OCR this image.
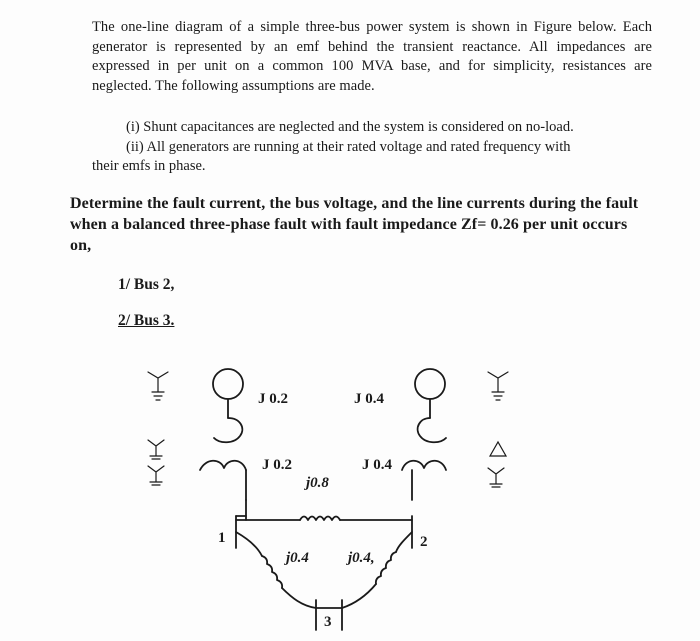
The one-line diagram of a simple three-bus power system is shown in Figure below. Each generator is represented by an emf behind the transient reactance. All impedances are expressed in per unit on a common 100 MVA base, and for simplicity, resistances are neglected. The following assumptions are made.
(i) Shunt capacitances are neglected and the system is considered on no-load.
(ii) All generators are running at their rated voltage and rated frequency with
their emfs in phase.
Determine the fault current, the bus voltage, and the line currents during the fault when a balanced three-phase fault with fault impedance Zf= 0.26 per unit occurs on,
1/ Bus 2,
2/ Bus 3.
J 0.2	J 0.4
J 0.2	J 0.4
j0.8
j0.4	j0.4,
1	2
3
